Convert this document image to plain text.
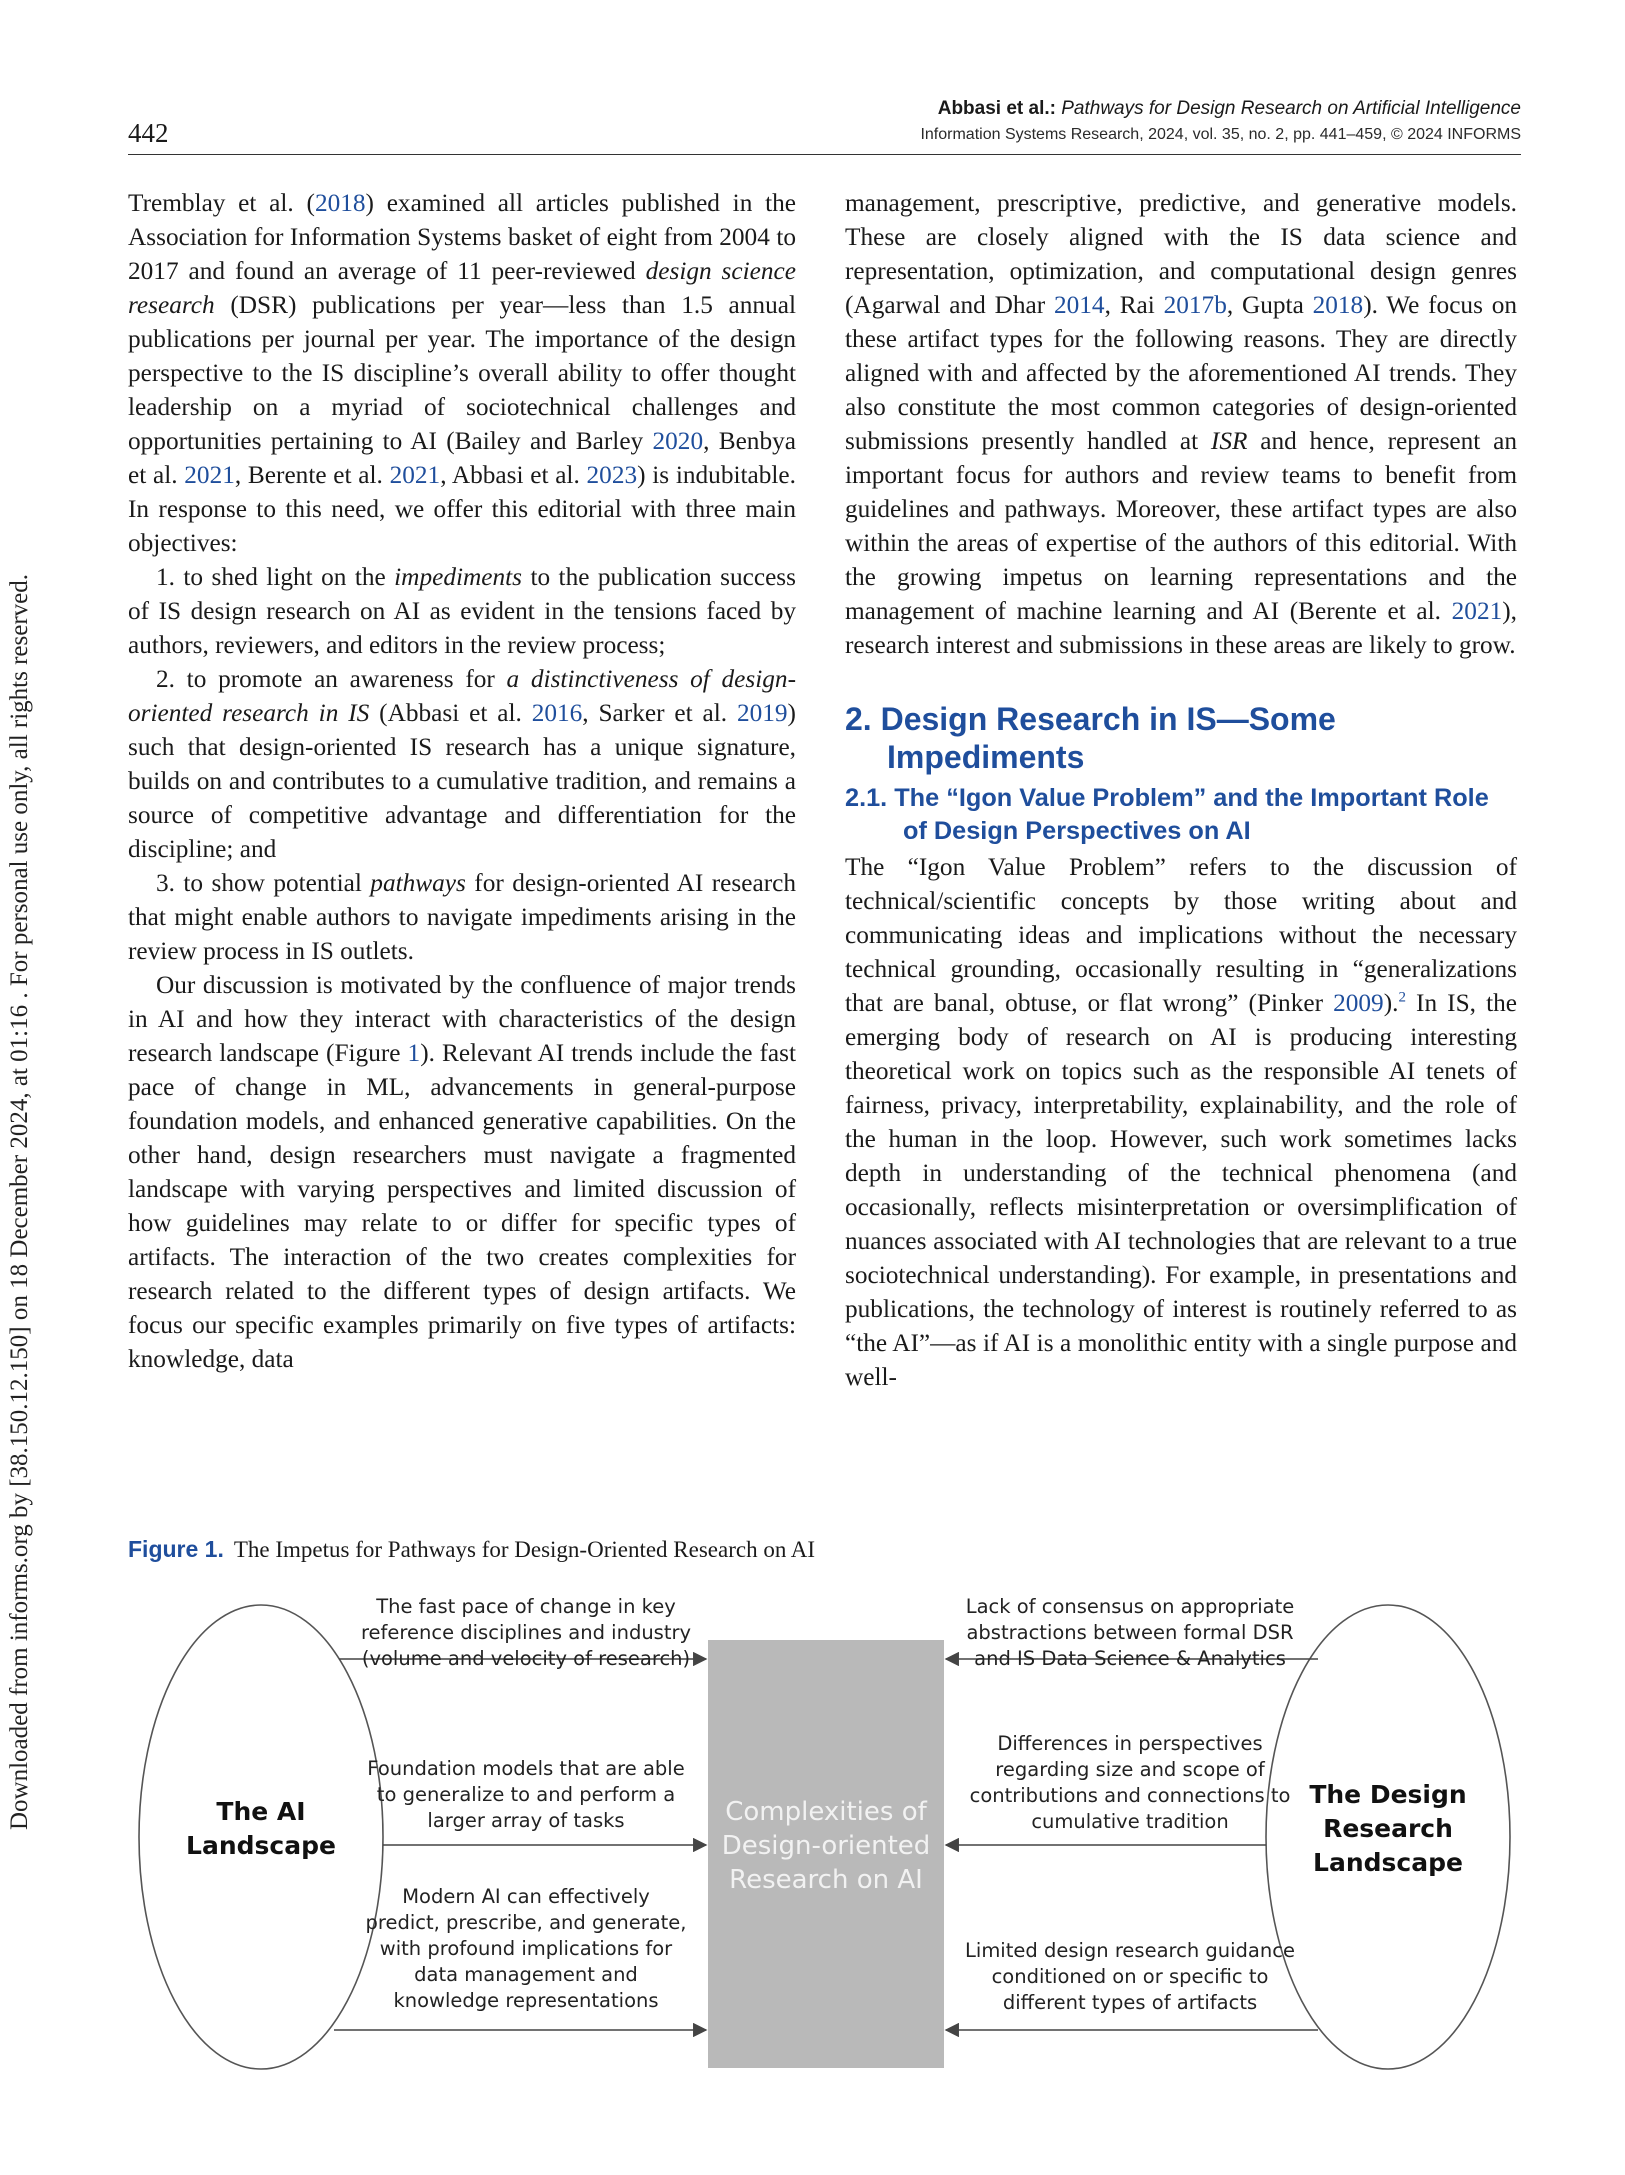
442
Abbasi et al.: Pathways for Design Research on Artificial Intelligence
Information Systems Research, 2024, vol. 35, no. 2, pp. 441–459, © 2024 INFORMS
Downloaded from informs.org by [38.150.12.150] on 18 December 2024, at 01:16 . For personal use only, all rights reserved.

Tremblay et al. (2018) examined all articles published in the Association for Information Systems basket of eight from 2004 to 2017 and found an average of 11 peer-reviewed design science research (DSR) publications per year—less than 1.5 annual publications per journal per year. The importance of the design perspective to the IS discipline’s overall ability to offer thought leadership on a myriad of sociotechnical challenges and opportunities pertaining to AI (Bailey and Barley 2020, Benbya et al. 2021, Berente et al. 2021, Abbasi et al. 2023) is indubitable. In response to this need, we offer this editorial with three main objectives:

1. to shed light on the impediments to the publication success of IS design research on AI as evident in the tensions faced by authors, reviewers, and editors in the review process;

2. to promote an awareness for a distinctiveness of design-oriented research in IS (Abbasi et al. 2016, Sarker et al. 2019) such that design-oriented IS research has a unique signature, builds on and contributes to a cumulative tradition, and remains a source of competitive advantage and differentiation for the discipline; and

3. to show potential pathways for design-oriented AI research that might enable authors to navigate impediments arising in the review process in IS outlets.

Our discussion is motivated by the confluence of major trends in AI and how they interact with characteristics of the design research landscape (Figure 1). Relevant AI trends include the fast pace of change in ML, advancements in general-purpose foundation models, and enhanced generative capabilities. On the other hand, design researchers must navigate a fragmented landscape with varying perspectives and limited discussion of how guidelines may relate to or differ for specific types of artifacts. The interaction of the two creates complexities for research related to the different types of design artifacts. We focus our specific examples primarily on five types of artifacts: knowledge, data

management, prescriptive, predictive, and generative models. These are closely aligned with the IS data science and representation, optimization, and computational design genres (Agarwal and Dhar 2014, Rai 2017b, Gupta 2018). We focus on these artifact types for the following reasons. They are directly aligned with and affected by the aforementioned AI trends. They also constitute the most common categories of design-oriented submissions presently handled at ISR and hence, represent an important focus for authors and review teams to benefit from guidelines and pathways. Moreover, these artifact types are also within the areas of expertise of the authors of this editorial. With the growing impetus on learning representations and the management of machine learning and AI (Berente et al. 2021), research interest and submissions in these areas are likely to grow.

2. Design Research in IS—Some Impediments
2.1. The “Igon Value Problem” and the Important Role of Design Perspectives on AI

The “Igon Value Problem” refers to the discussion of technical/scientific concepts by those writing about and communicating ideas and implications without the necessary technical grounding, occasionally resulting in “generalizations that are banal, obtuse, or flat wrong” (Pinker 2009).$^2$ In IS, the emerging body of research on AI is producing interesting theoretical work on topics such as the responsible AI tenets of fairness, privacy, interpretability, explainability, and the role of the human in the loop. However, such work sometimes lacks depth in understanding of the technical phenomena (and occasionally, reflects misinterpretation or oversimplification of nuances associated with AI technologies that are relevant to a true sociotechnical understanding). For example, in presentations and publications, the technology of interest is routinely referred to as “the AI”—as if AI is a monolithic entity with a single purpose and well-

Figure 1. The Impetus for Pathways for Design-Oriented Research on AI
The AI Landscape
The Design Research Landscape
Complexities of Design-oriented Research on AI
The fast pace of change in key reference disciplines and industry (volume and velocity of research)
Foundation models that are able to generalize to and perform a larger array of tasks
Modern AI can effectively predict, prescribe, and generate, with profound implications for data management and knowledge representations
Lack of consensus on appropriate abstractions between formal DSR and IS Data Science & Analytics
Differences in perspectives regarding size and scope of contributions and connections to cumulative tradition
Limited design research guidance conditioned on or specific to different types of artifacts
